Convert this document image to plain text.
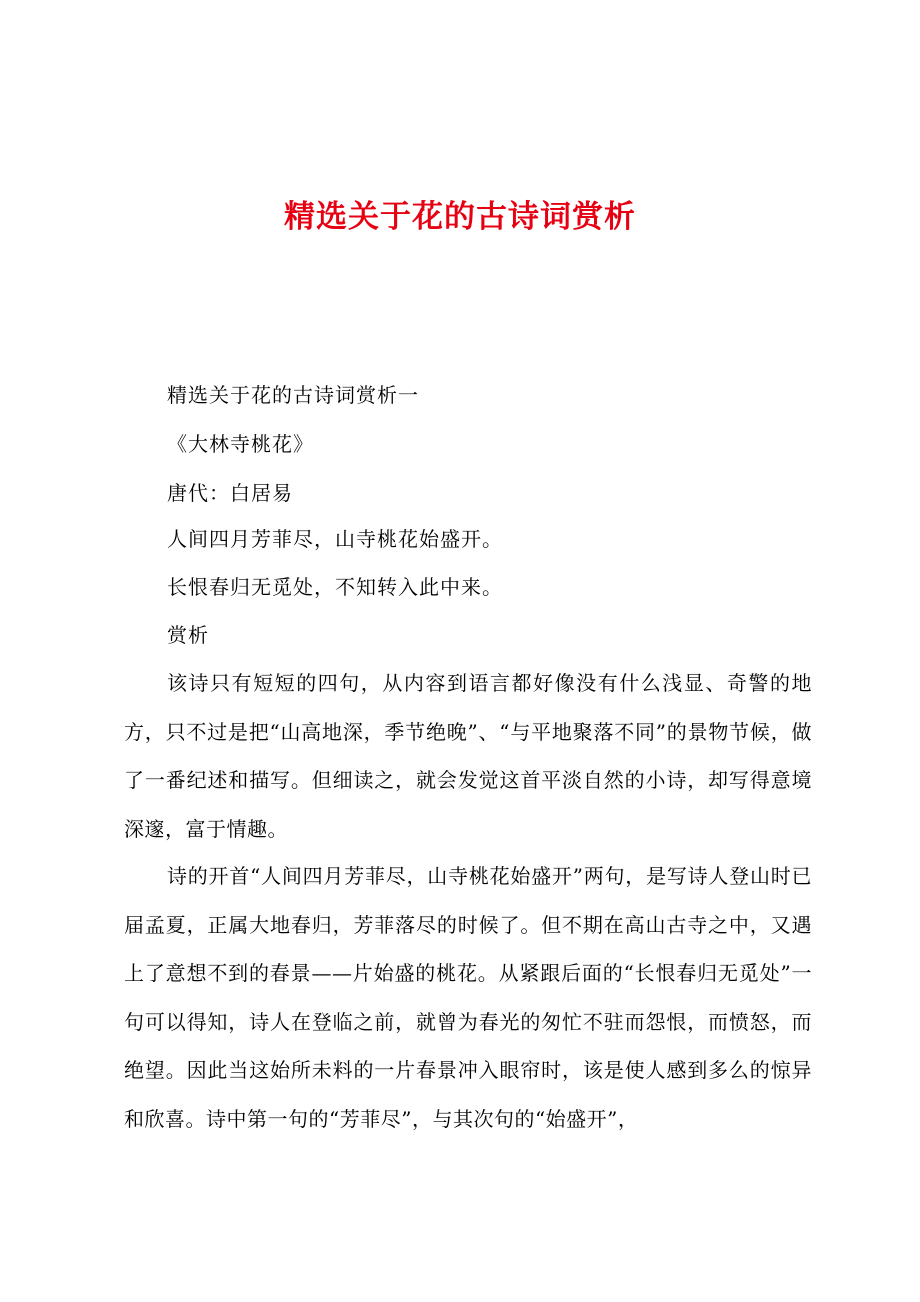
精选关于花的古诗词赏析
精选关于花的古诗词赏析一
《大林寺桃花》
唐代：白居易
人间四月芳菲尽，山寺桃花始盛开。
长恨春归无觅处，不知转入此中来。
赏析
该诗只有短短的四句，从内容到语言都好像没有什么浅显、奇警的地方，只不过是把“山高地深，季节绝晚”、“与平地聚落不同”的景物节候，做了一番纪述和描写。但细读之，就会发觉这首平淡自然的小诗，却写得意境深邃，富于情趣。
诗的开首“人间四月芳菲尽，山寺桃花始盛开”两句，是写诗人登山时已届孟夏，正属大地春归，芳菲落尽的时候了。但不期在高山古寺之中，又遇上了意想不到的春景——片始盛的桃花。从紧跟后面的“长恨春归无觅处”一句可以得知，诗人在登临之前，就曾为春光的匆忙不驻而怨恨，而愤怒，而绝望。因此当这始所未料的一片春景冲入眼帘时，该是使人感到多么的惊异和欣喜。诗中第一句的“芳菲尽”，与其次句的“始盛开”，
